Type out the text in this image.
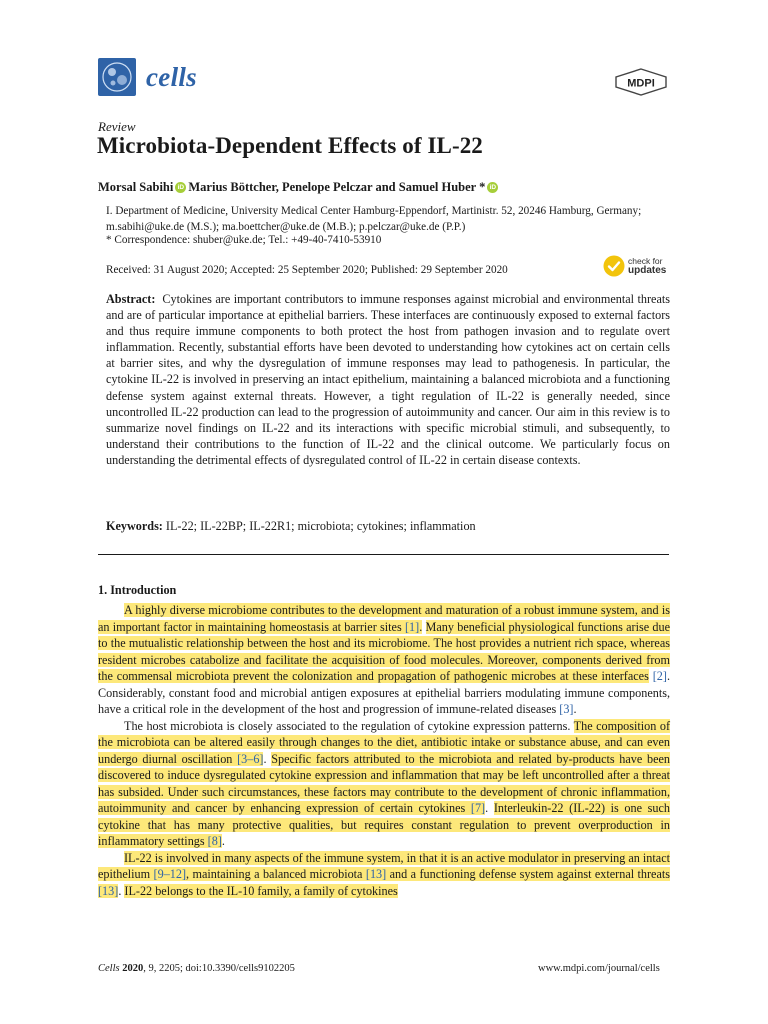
cells	MDPI
Review
Microbiota-Dependent Effects of IL-22
Morsal Sabihi iD Marius Böttcher, Penelope Pelczar and Samuel Huber * iD
I. Department of Medicine, University Medical Center Hamburg-Eppendorf, Martinistr. 52, 20246 Hamburg, Germany; m.sabihi@uke.de (M.S.); ma.boettcher@uke.de (M.B.); p.pelczar@uke.de (P.P.)
* Correspondence: shuber@uke.de; Tel.: +49-40-7410-53910
Received: 31 August 2020; Accepted: 25 September 2020; Published: 29 September 2020
check for
updates
Abstract: Cytokines are important contributors to immune responses against microbial and environmental threats and are of particular importance at epithelial barriers. These interfaces are continuously exposed to external factors and thus require immune components to both protect the host from pathogen invasion and to regulate overt inflammation. Recently, substantial efforts have been devoted to understanding how cytokines act on certain cells at barrier sites, and why the dysregulation of immune responses may lead to pathogenesis. In particular, the cytokine IL-22 is involved in preserving an intact epithelium, maintaining a balanced microbiota and a functioning defense system against external threats. However, a tight regulation of IL-22 is generally needed, since uncontrolled IL-22 production can lead to the progression of autoimmunity and cancer. Our aim in this review is to summarize novel findings on IL-22 and its interactions with specific microbial stimuli, and subsequently, to understand their contributions to the function of IL-22 and the clinical outcome. We particularly focus on understanding the detrimental effects of dysregulated control of IL-22 in certain disease contexts.
Keywords: IL-22; IL-22BP; IL-22R1; microbiota; cytokines; inflammation
1. Introduction

A highly diverse microbiome contributes to the development and maturation of a robust immune system, and is an important factor in maintaining homeostasis at barrier sites [1]. Many beneficial physiological functions arise due to the mutualistic relationship between the host and its microbiome. The host provides a nutrient rich space, whereas resident microbes catabolize and facilitate the acquisition of food molecules. Moreover, components derived from the commensal microbiota prevent the colonization and propagation of pathogenic microbes at these interfaces [2]. Considerably, constant food and microbial antigen exposures at epithelial barriers modulating immune components, have a critical role in the development of the host and progression of immune-related diseases [3].

The host microbiota is closely associated to the regulation of cytokine expression patterns. The composition of the microbiota can be altered easily through changes to the diet, antibiotic intake or substance abuse, and can even undergo diurnal oscillation [3–6]. Specific factors attributed to the microbiota and related by-products have been discovered to induce dysregulated cytokine expression and inflammation that may be left uncontrolled after a threat has subsided. Under such circumstances, these factors may contribute to the development of chronic inflammation, autoimmunity and cancer by enhancing expression of certain cytokines [7]. Interleukin-22 (IL-22) is one such cytokine that has many protective qualities, but requires constant regulation to prevent overproduction in inflammatory settings [8].

IL-22 is involved in many aspects of the immune system, in that it is an active modulator in preserving an intact epithelium [9–12], maintaining a balanced microbiota [13] and a functioning defense system against external threats [13]. IL-22 belongs to the IL-10 family, a family of cytokines

Cells 2020, 9, 2205; doi:10.3390/cells9102205	www.mdpi.com/journal/cells
